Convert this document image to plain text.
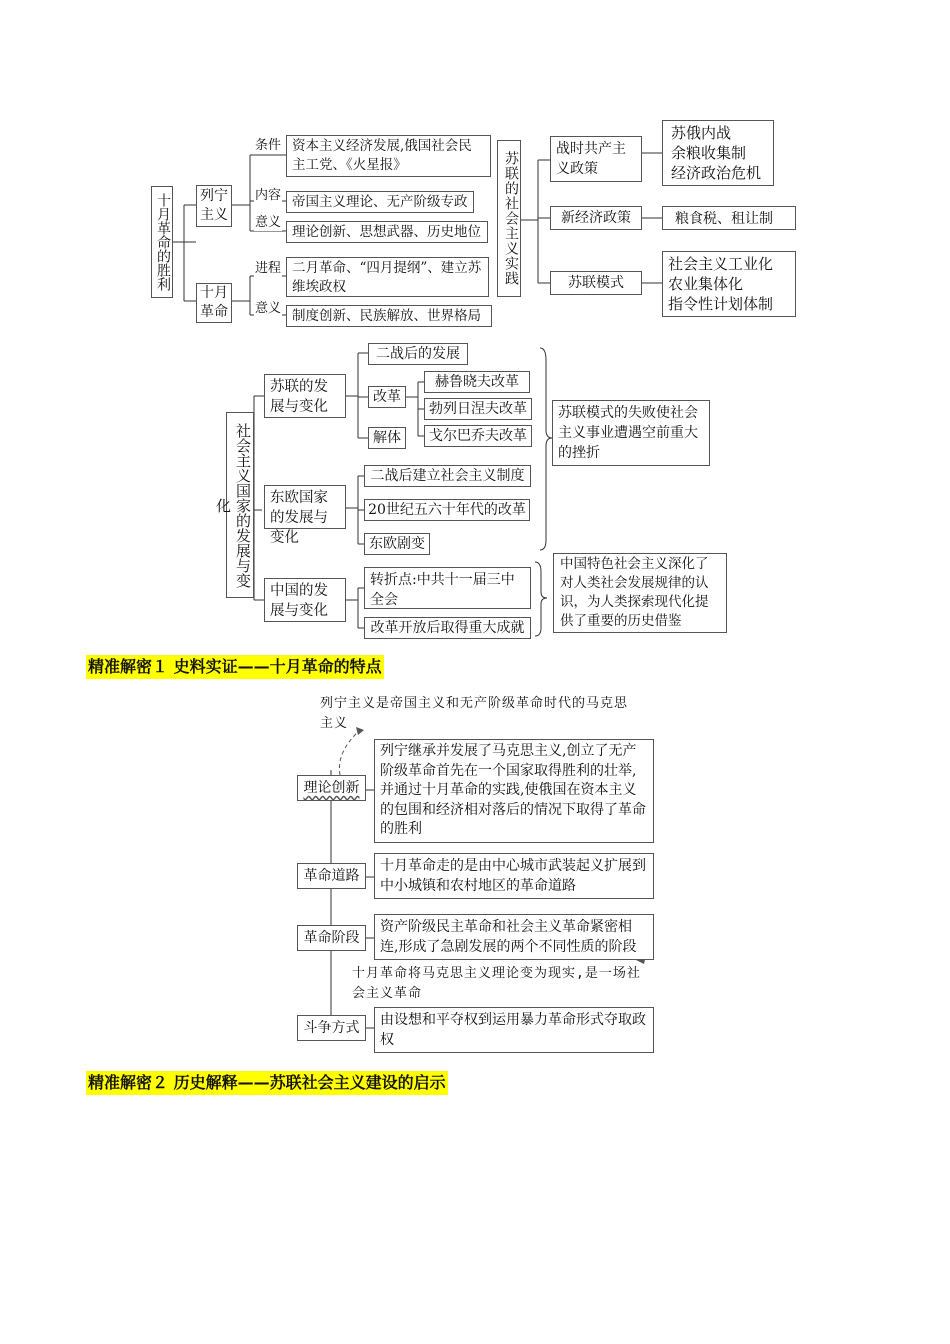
十月革命的胜利 列宁主义
条件
内容
意义
资本主义经济发展,俄国社会民主工党、《火星报》
帝国主义理论、无产阶级专政
理论创新、思想武器、历史地位
十月革命
进程
意义
二月革命、“四月提纲”、建立苏维埃政权
制度创新、民族解放、世界格局
苏联的社会主义实践
战时共产主义政策
新经济政策
苏联模式
苏俄内战
余粮收集制
经济政治危机
粮食税、租让制
社会主义工业化
农业集体化
指令性计划体制
社会主义国家的发展与变化
苏联的发展与变化
二战后的发展
改革
赫鲁晓夫改革
勃列日涅夫改革
戈尔巴乔夫改革
解体
苏联模式的失败使社会主义事业遭遇空前重大的挫折
东欧国家的发展与变化
二战后建立社会主义制度
20世纪五六十年代的改革
东欧剧变
中国的发展与变化
转折点:中共十一届三中全会
改革开放后取得重大成就
中国特色社会主义深化了对人类社会发展规律的认识，为人类探索现代化提供了重要的历史借鉴
精准解密１ 史料实证——十月革命的特点
列宁主义是帝国主义和无产阶级革命时代的马克思主义
理论创新
列宁继承并发展了马克思主义,创立了无产阶级革命首先在一个国家取得胜利的壮举,并通过十月革命的实践,使俄国在资本主义的包围和经济相对落后的情况下取得了革命的胜利
革命道路
十月革命走的是由中心城市武装起义扩展到中小城镇和农村地区的革命道路
革命阶段
资产阶级民主革命和社会主义革命紧密相连,形成了急剧发展的两个不同性质的阶段
十月革命将马克思主义理论变为现实,是一场社会主义革命
斗争方式	由设想和平夺权到运用暴力革命形式夺取政权
精准解密２ 历史解释——苏联社会主义建设的启示
